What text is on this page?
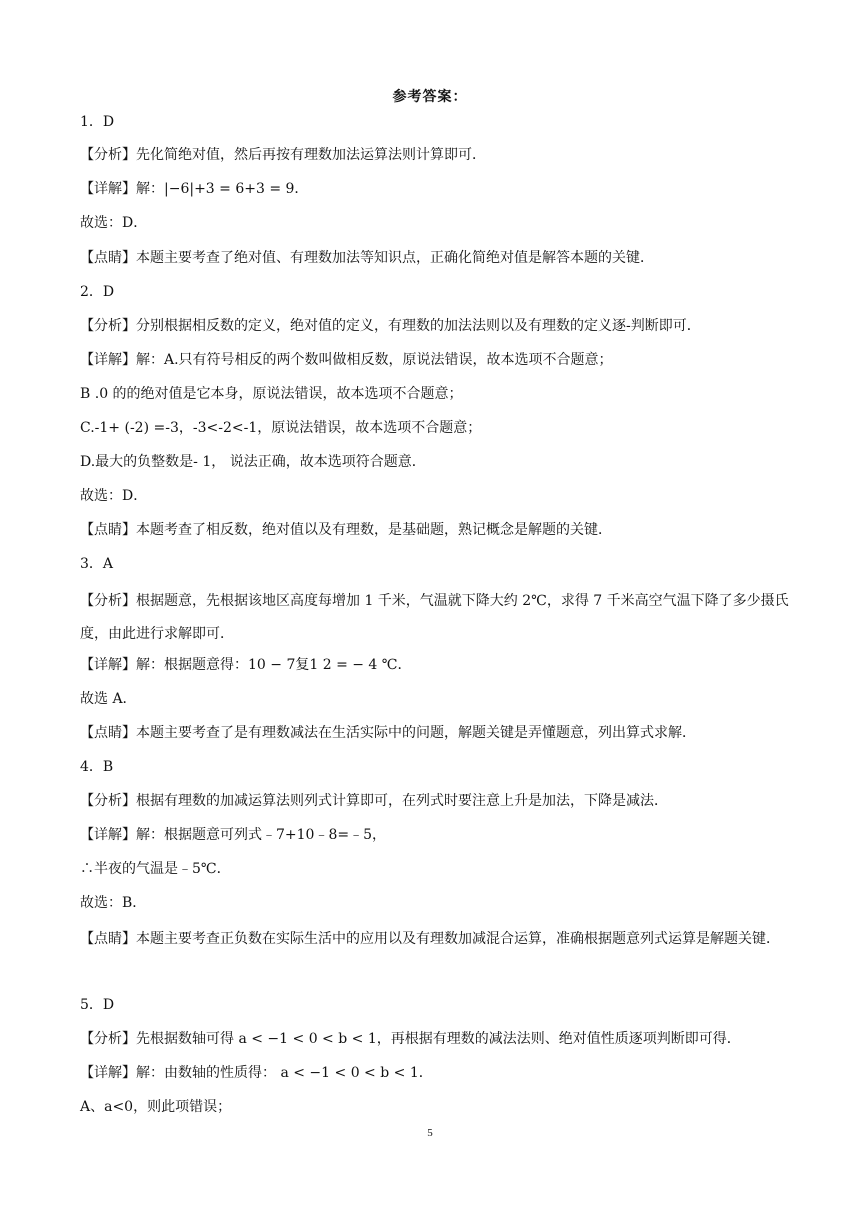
参考答案：
1．D
【分析】先化简绝对值，然后再按有理数加法运算法则计算即可．
【详解】解：|−6|+3 = 6+3 = 9．
故选：D．
【点睛】本题主要考查了绝对值、有理数加法等知识点，正确化简绝对值是解答本题的关键．
2．D
【分析】分别根据相反数的定义，绝对值的定义，有理数的加法法则以及有理数的定义逐-判断即可．
【详解】解：A.只有符号相反的两个数叫做相反数，原说法错误，故本选项不合题意；
B .0 的的绝对值是它本身，原说法错误，故本选项不合题意；
C.-1+ (-2) =-3，-3<-2<-1，原说法错误，故本选项不合题意；
D.最大的负整数是- 1， 说法正确，故本选项符合题意．
故选：D．
【点睛】本题考查了相反数，绝对值以及有理数，是基础题，熟记概念是解题的关键．
3．A
【分析】根据题意，先根据该地区高度每增加 1 千米，气温就下降大约 2℃，求得 7 千米高空气温下降了多少摄氏度，由此进行求解即可．
【详解】解：根据题意得：10 − 7复1 2 = − 4 ℃．
故选 A．
【点睛】本题主要考查了是有理数减法在生活实际中的问题，解题关键是弄懂题意，列出算式求解．
4．B
【分析】根据有理数的加减运算法则列式计算即可，在列式时要注意上升是加法，下降是减法．
【详解】解：根据题意可列式﹣7+10﹣8=﹣5，
∴半夜的气温是﹣5℃．
故选：B．
【点睛】本题主要考查正负数在实际生活中的应用以及有理数加减混合运算，准确根据题意列式运算是解题关键．
5．D
【分析】先根据数轴可得 a < −1 < 0 < b < 1，再根据有理数的减法法则、绝对值性质逐项判断即可得．
【详解】解：由数轴的性质得： a < −1 < 0 < b < 1．
A、a<0，则此项错误；
5
